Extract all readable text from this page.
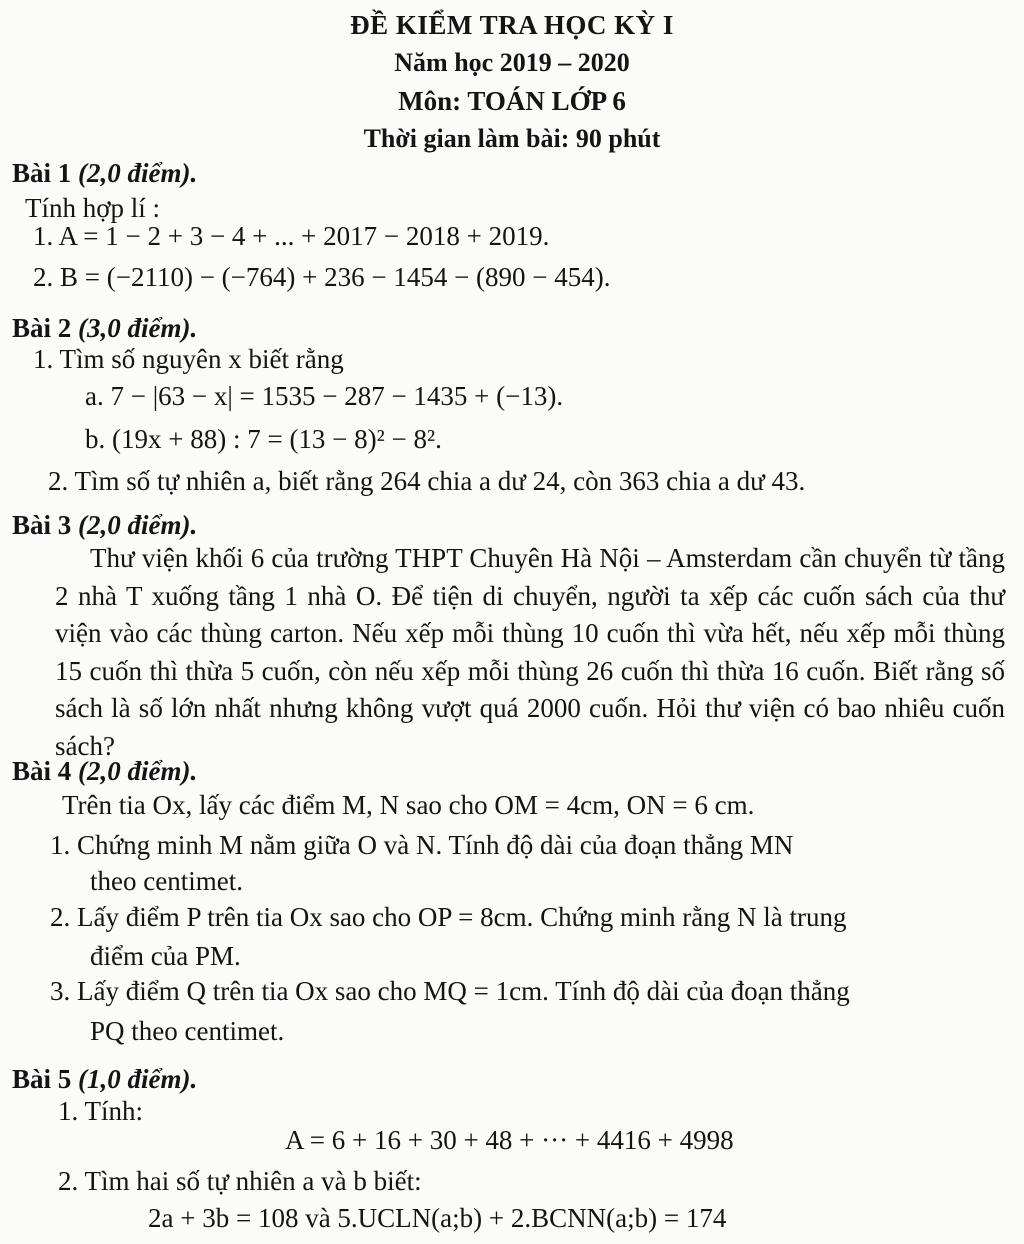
ĐỀ KIỂM TRA HỌC KỲ I
Năm học 2019 – 2020
Môn: TOÁN LỚP 6
Thời gian làm bài: 90 phút
Bài 1 (2,0 điểm).
Tính hợp lí :
1. A = 1 − 2 + 3 − 4 + ... + 2017 − 2018 + 2019.
2. B = (−2110) − (−764) + 236 − 1454 − (890 − 454).
Bài 2 (3,0 điểm).
1. Tìm số nguyên x biết rằng
a. 7 − |63 − x| = 1535 − 287 − 1435 + (−13).
b. (19x + 88) : 7 = (13 − 8)² − 8².
2. Tìm số tự nhiên a, biết rằng 264 chia a dư 24, còn 363 chia a dư 43.
Bài 3 (2,0 điểm).
Thư viện khối 6 của trường THPT Chuyên Hà Nội – Amsterdam cần chuyển từ tầng 2 nhà T xuống tầng 1 nhà O. Để tiện di chuyển, người ta xếp các cuốn sách của thư viện vào các thùng carton. Nếu xếp mỗi thùng 10 cuốn thì vừa hết, nếu xếp mỗi thùng 15 cuốn thì thừa 5 cuốn, còn nếu xếp mỗi thùng 26 cuốn thì thừa 16 cuốn. Biết rằng số sách là số lớn nhất nhưng không vượt quá 2000 cuốn. Hỏi thư viện có bao nhiêu cuốn sách?
Bài 4 (2,0 điểm).
Trên tia Ox, lấy các điểm M, N sao cho OM = 4cm, ON = 6 cm.
1. Chứng minh M nằm giữa O và N. Tính độ dài của đoạn thẳng MN
theo centimet.
2. Lấy điểm P trên tia Ox sao cho OP = 8cm. Chứng minh rằng N là trung
điểm của PM.
3. Lấy điểm Q trên tia Ox sao cho MQ = 1cm. Tính độ dài của đoạn thẳng
PQ theo centimet.
Bài 5 (1,0 điểm).
1. Tính:
A = 6 + 16 + 30 + 48 + ··· + 4416 + 4998
2. Tìm hai số tự nhiên a và b biết:
2a + 3b = 108 và 5.UCLN(a;b) + 2.BCNN(a;b) = 174
